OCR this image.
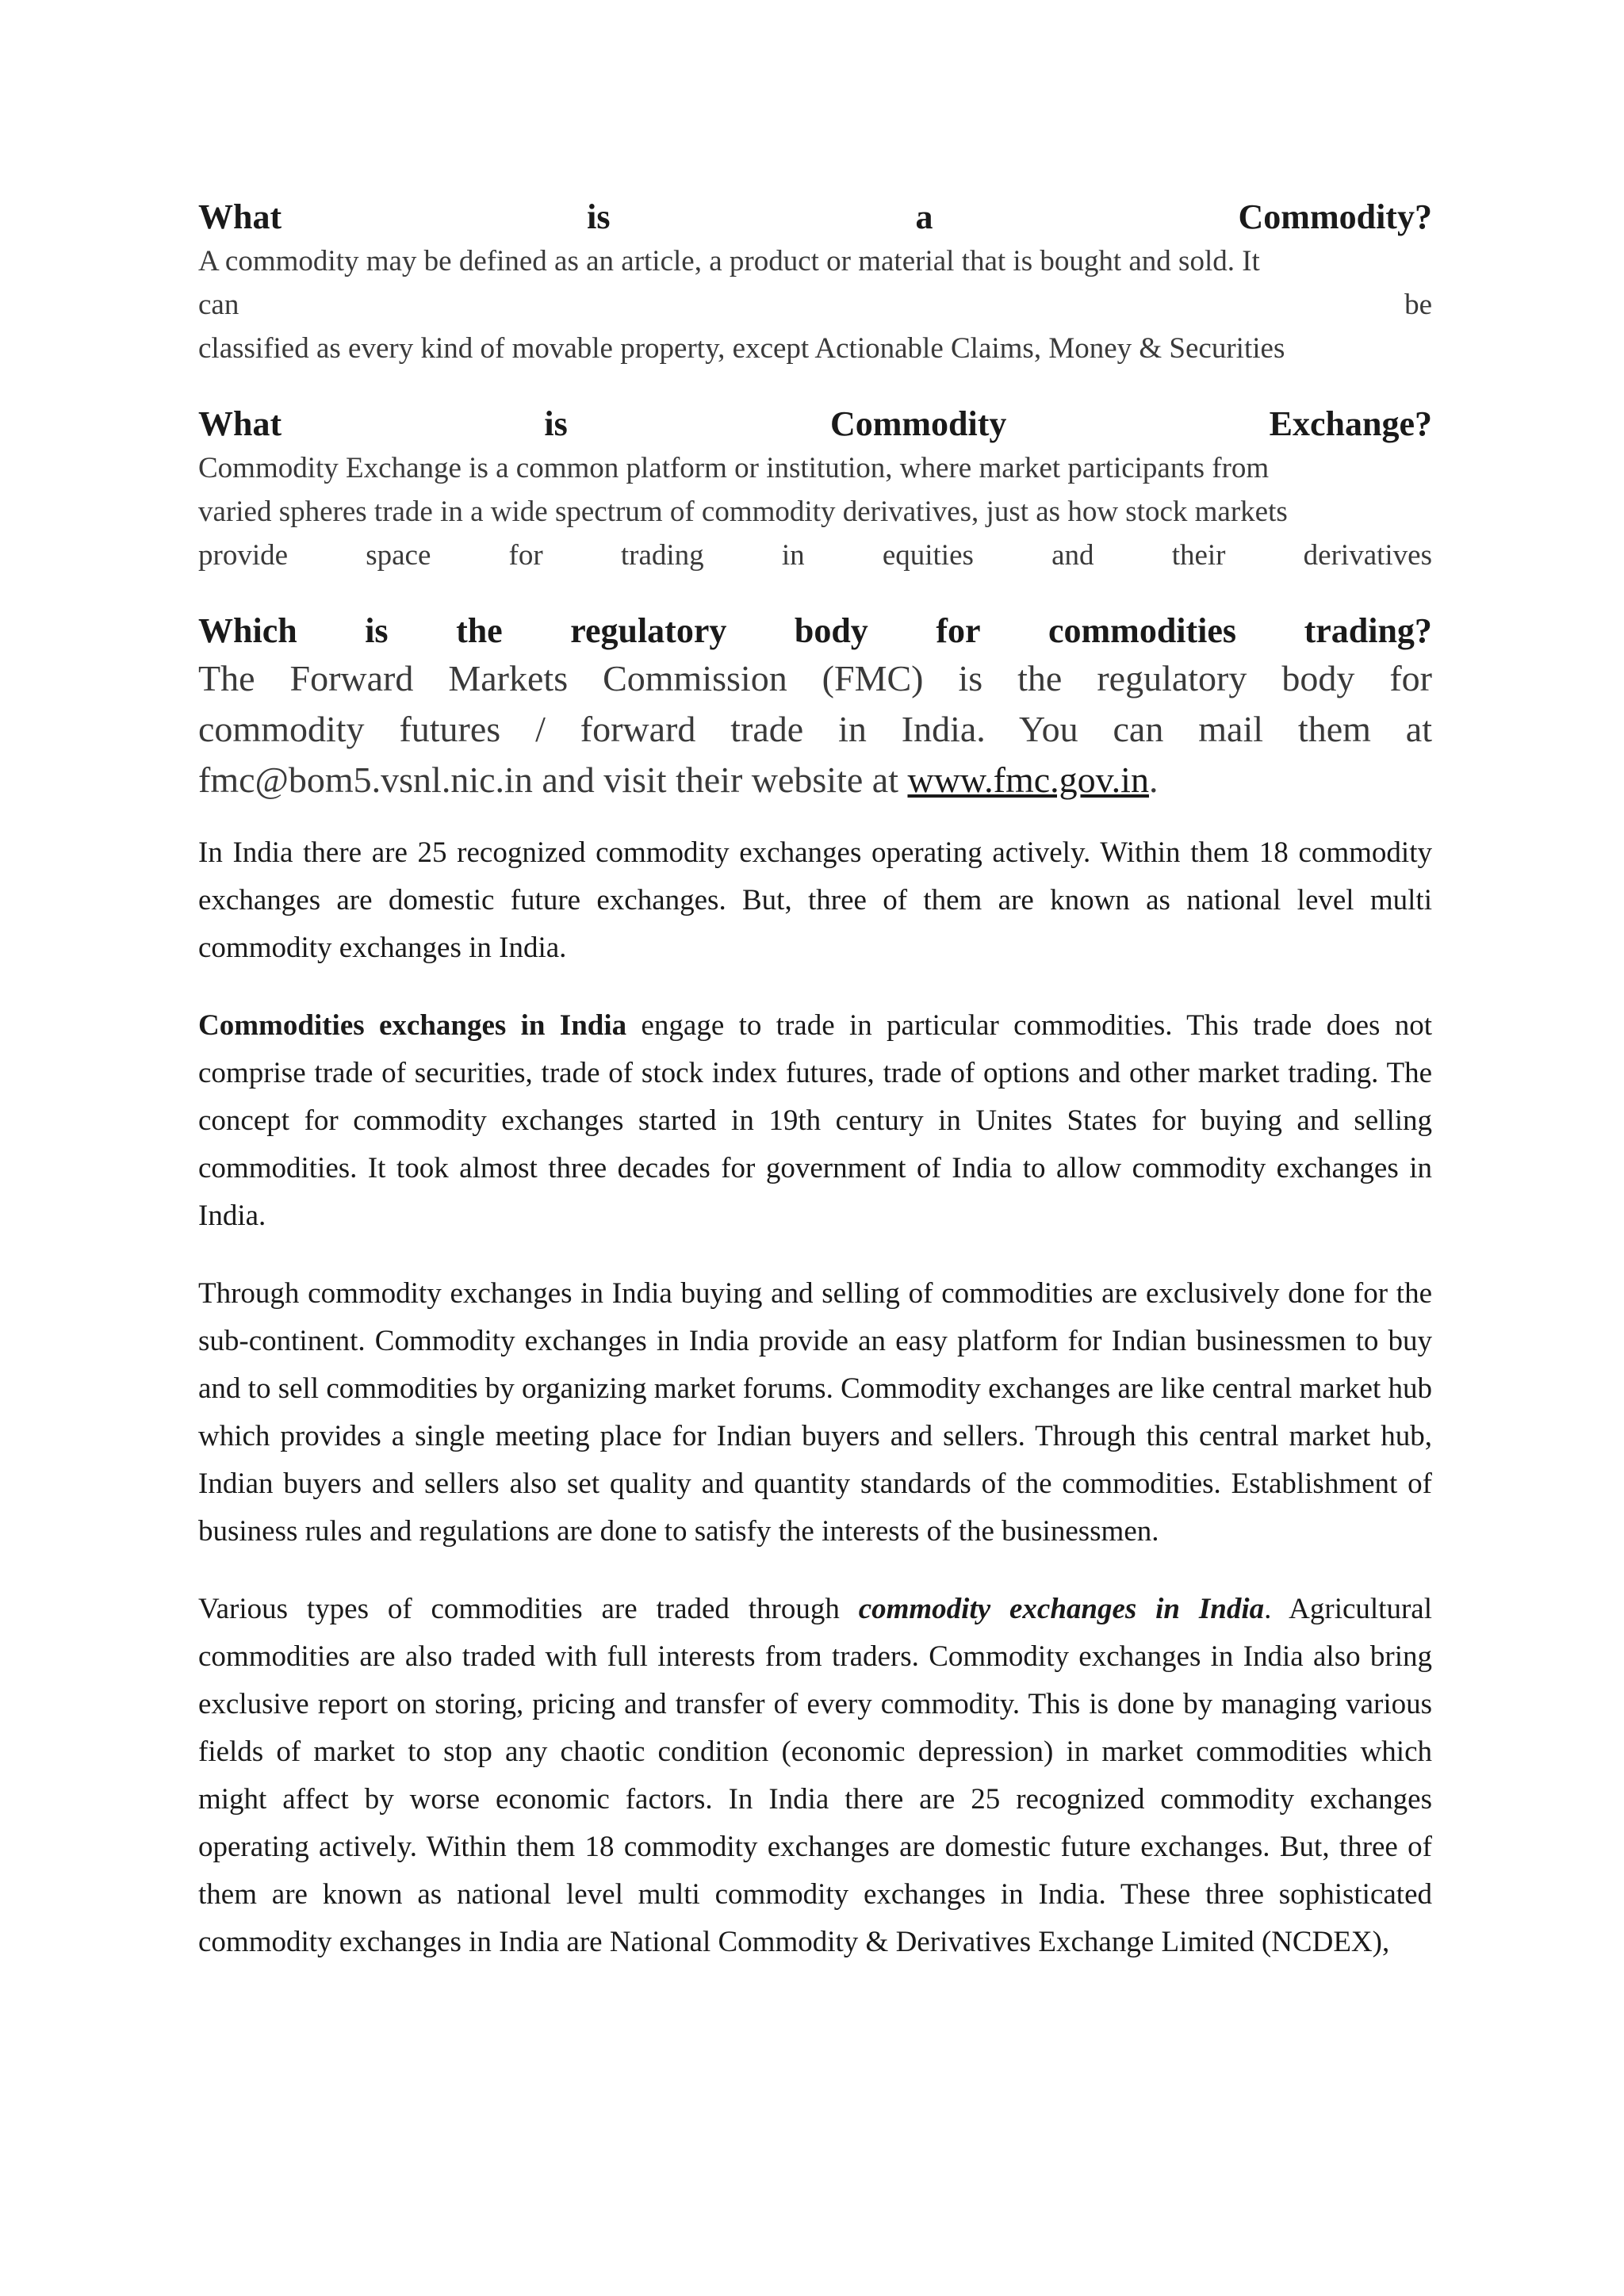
What	is	a	Commodity?

A commodity may be defined as an article, a product or material that is bought and sold. It

can	be

classified as every kind of movable property, except Actionable Claims, Money & Securities

What	is	Commodity	Exchange?

Commodity Exchange is a common platform or institution, where market participants from

varied spheres trade in a wide spectrum of commodity derivatives, just as how stock markets

provide	space	for	trading	in	equities	and	their	derivatives
Which is the regulatory body for commodities trading?

The Forward Markets Commission (FMC) is the regulatory body for

commodity futures / forward trade in India. You can mail them at

fmc@bom5.vsnl.nic.in and visit their website at www.fmc.gov.in.

In India there are 25 recognized commodity exchanges operating actively. Within them 18 commodity exchanges are domestic future exchanges. But, three of them are known as national level multi commodity exchanges in India.

Commodities exchanges in India engage to trade in particular commodities. This trade does not comprise trade of securities, trade of stock index futures, trade of options and other market trading. The concept for commodity exchanges started in 19th century in Unites States for buying and selling commodities. It took almost three decades for government of India to allow commodity exchanges in India.

Through commodity exchanges in India buying and selling of commodities are exclusively done for the sub-continent. Commodity exchanges in India provide an easy platform for Indian businessmen to buy and to sell commodities by organizing market forums. Commodity exchanges are like central market hub which provides a single meeting place for Indian buyers and sellers. Through this central market hub, Indian buyers and sellers also set quality and quantity standards of the commodities. Establishment of business rules and regulations are done to satisfy the interests of the businessmen.

Various types of commodities are traded through commodity exchanges in India. Agricultural commodities are also traded with full interests from traders. Commodity exchanges in India also bring exclusive report on storing, pricing and transfer of every commodity. This is done by managing various fields of market to stop any chaotic condition (economic depression) in market commodities which might affect by worse economic factors. In India there are 25 recognized commodity exchanges operating actively. Within them 18 commodity exchanges are domestic future exchanges. But, three of them are known as national level multi commodity exchanges in India. These three sophisticated commodity exchanges in India are National Commodity & Derivatives Exchange Limited (NCDEX),
